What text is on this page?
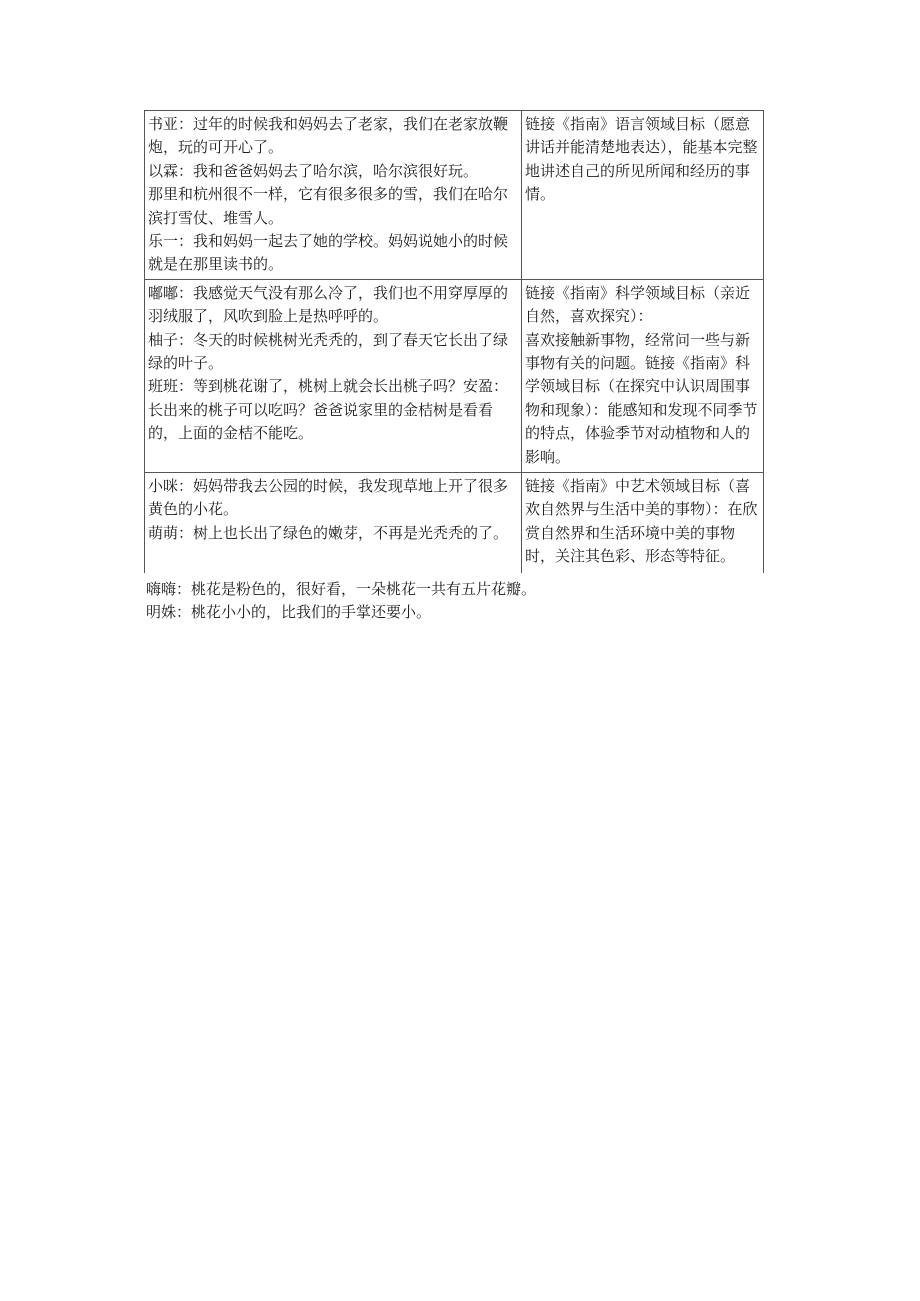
书亚：过年的时候我和妈妈去了老家，我们在老家放鞭炮，玩的可开心了。
以霖：我和爸爸妈妈去了哈尔滨，哈尔滨很好玩。
那里和杭州很不一样，它有很多很多的雪，我们在哈尔滨打雪仗、堆雪人。
乐一：我和妈妈一起去了她的学校。妈妈说她小的时候就是在那里读书的。	链接《指南》语言领域目标（愿意讲话并能清楚地表达），能基本完整地讲述自己的所见所闻和经历的事情。

嘟嘟：我感觉天气没有那么冷了，我们也不用穿厚厚的羽绒服了，风吹到脸上是热呼呼的。
柚子：冬天的时候桃树光秃秃的，到了春天它长出了绿绿的叶子。
班班：等到桃花谢了，桃树上就会长出桃子吗？安盈：长出来的桃子可以吃吗？爸爸说家里的金桔树是看看的，上面的金桔不能吃。	链接《指南》科学领域目标（亲近自然，喜欢探究）：
喜欢接触新事物，经常问一些与新事物有关的问题。链接《指南》科学领域目标（在探究中认识周围事物和现象）：能感知和发现不同季节的特点，体验季节对动植物和人的影响。

小咪：妈妈带我去公园的时候，我发现草地上开了很多黄色的小花。
萌萌：树上也长出了绿色的嫩芽，不再是光秃秃的了。	链接《指南》中艺术领域目标（喜欢自然界与生活中美的事物）：在欣赏自然界和生活环境中美的事物时，关注其色彩、形态等特征。
嗨嗨：桃花是粉色的，很好看，一朵桃花一共有五片花瓣。
明姝：桃花小小的，比我们的手掌还要小。
